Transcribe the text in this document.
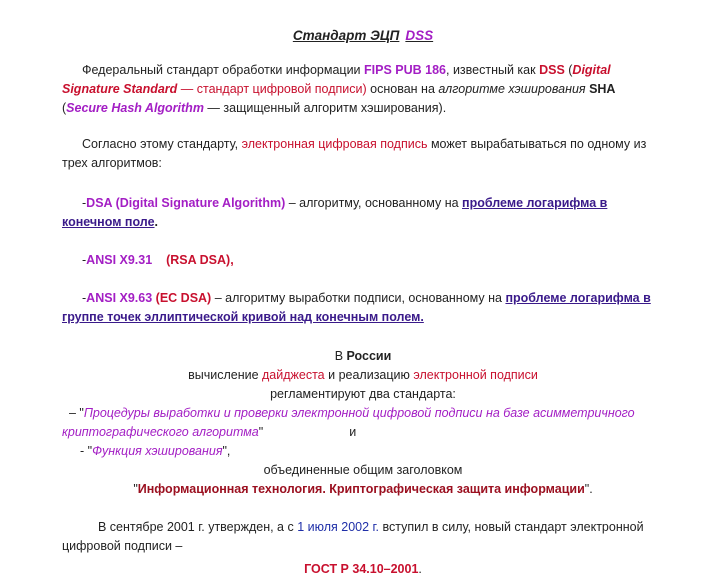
Стандарт ЭЦП DSS

Федеральный стандарт обработки информации FIPS PUB 186, известный как DSS (Digital Signature Standard — стандарт цифровой подписи) основан на алгоритме хэширования SHA (Secure Hash Algorithm — защищенный алгоритм хэширования).

Согласно этому стандарту, электронная цифровая подпись может вырабатываться по одному из трех алгоритмов:

-DSA (Digital Signature Algorithm) – алгоритму, основанному на проблеме логарифма в конечном поле.

-ANSI X9.31 (RSA DSA),

-ANSI X9.63 (EC DSA) – алгоритму выработки подписи, основанному на проблеме логарифма в группе точек эллиптической кривой над конечным полем.

В России

вычисление дайджеста и реализацию электронной подписи

регламентируют два стандарта:

– "Процедуры выработки и проверки электронной цифровой подписи на базе асимметричного криптографического алгоритма"	и

- "Функция хэширования",

объединенные общим заголовком

"Информационная технология. Криптографическая защита информации".

В сентябре 2001 г. утвержден, а с 1 июля 2002 г. вступил в силу, новый стандарт электронной цифровой подписи –

ГОСТ Р 34.10–2001.
